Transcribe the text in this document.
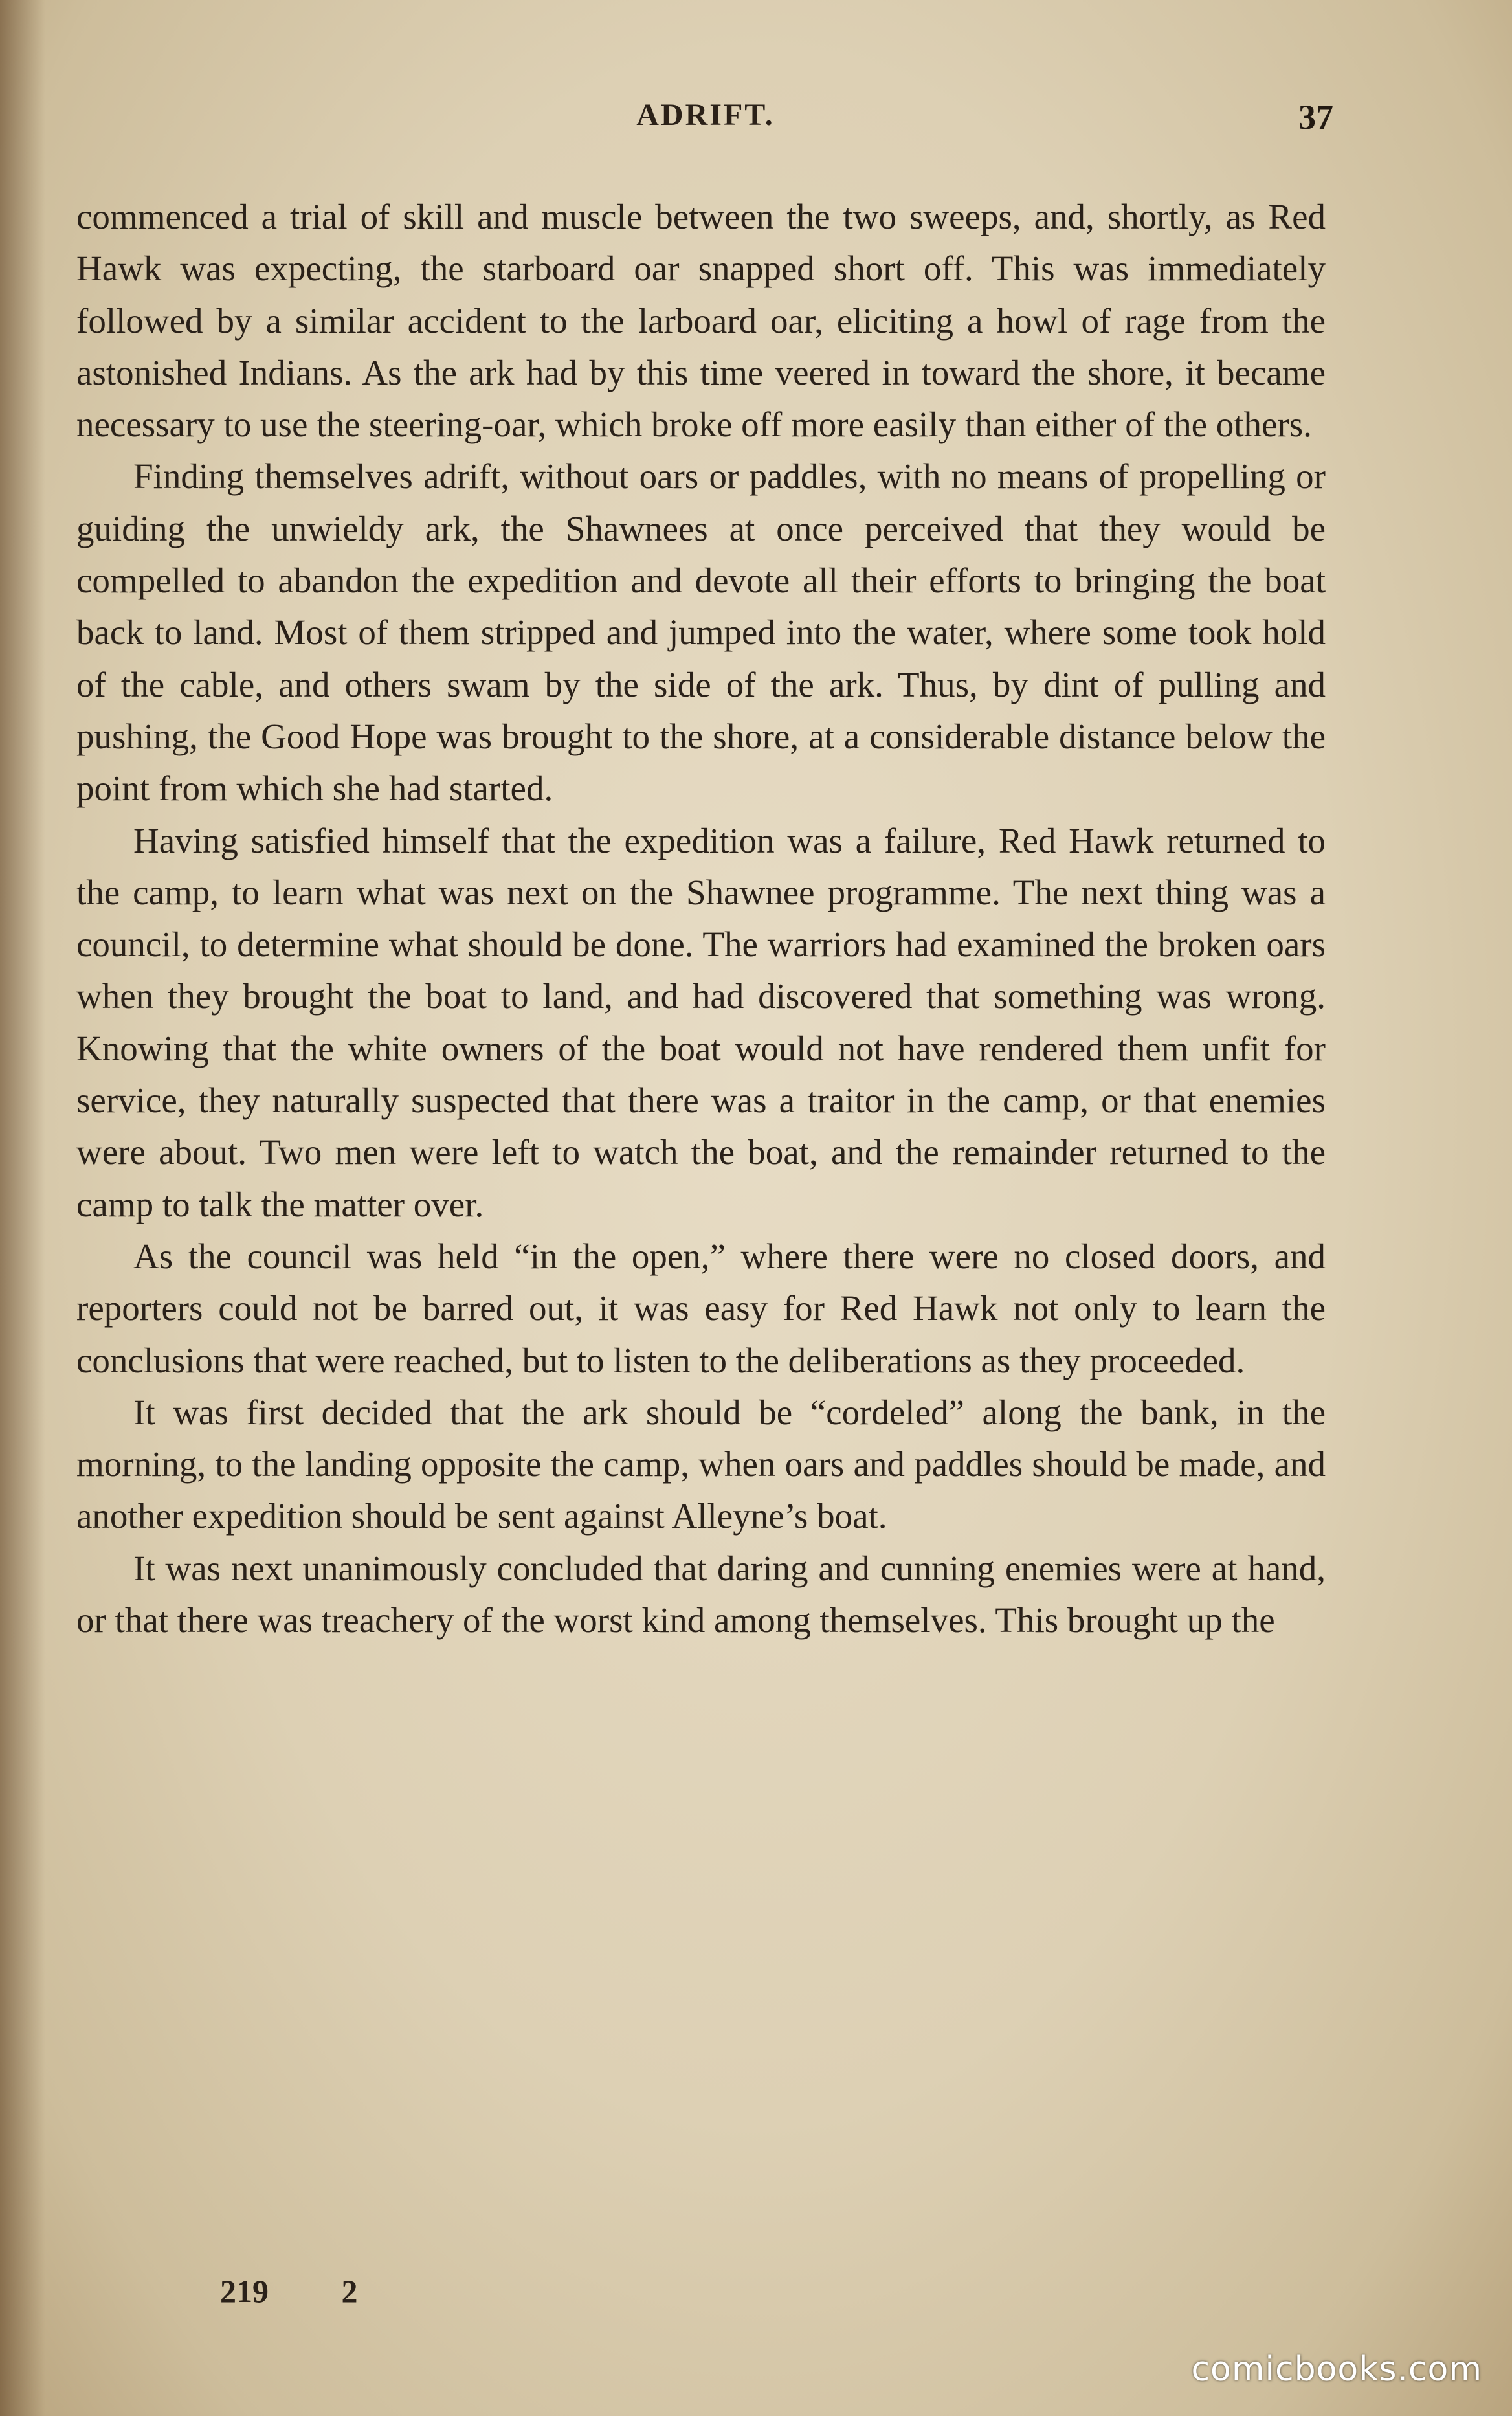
ADRIFT.	37

commenced a trial of skill and muscle between the two sweeps, and, shortly, as Red Hawk was expecting, the starboard oar snapped short off. This was immediately followed by a similar accident to the larboard oar, eliciting a howl of rage from the astonished Indians. As the ark had by this time veered in toward the shore, it became necessary to use the steering-oar, which broke off more easily than either of the others.

Finding themselves adrift, without oars or paddles, with no means of propelling or guiding the unwieldy ark, the Shawnees at once perceived that they would be compelled to abandon the expedition and devote all their efforts to bringing the boat back to land. Most of them stripped and jumped into the water, where some took hold of the cable, and others swam by the side of the ark. Thus, by dint of pulling and pushing, the Good Hope was brought to the shore, at a considerable distance below the point from which she had started.

Having satisfied himself that the expedition was a failure, Red Hawk returned to the camp, to learn what was next on the Shawnee programme. The next thing was a council, to determine what should be done. The warriors had examined the broken oars when they brought the boat to land, and had discovered that something was wrong. Knowing that the white owners of the boat would not have rendered them unfit for service, they naturally suspected that there was a traitor in the camp, or that enemies were about. Two men were left to watch the boat, and the remainder returned to the camp to talk the matter over.

As the council was held “in the open,” where there were no closed doors, and reporters could not be barred out, it was easy for Red Hawk not only to learn the conclusions that were reached, but to listen to the deliberations as they proceeded.

It was first decided that the ark should be “cordeled” along the bank, in the morning, to the landing opposite the camp, when oars and paddles should be made, and another expedition should be sent against Alleyne’s boat.

It was next unanimously concluded that daring and cunning enemies were at hand, or that there was treachery of the worst kind among themselves. This brought up the

219 2
comicbooks.com
